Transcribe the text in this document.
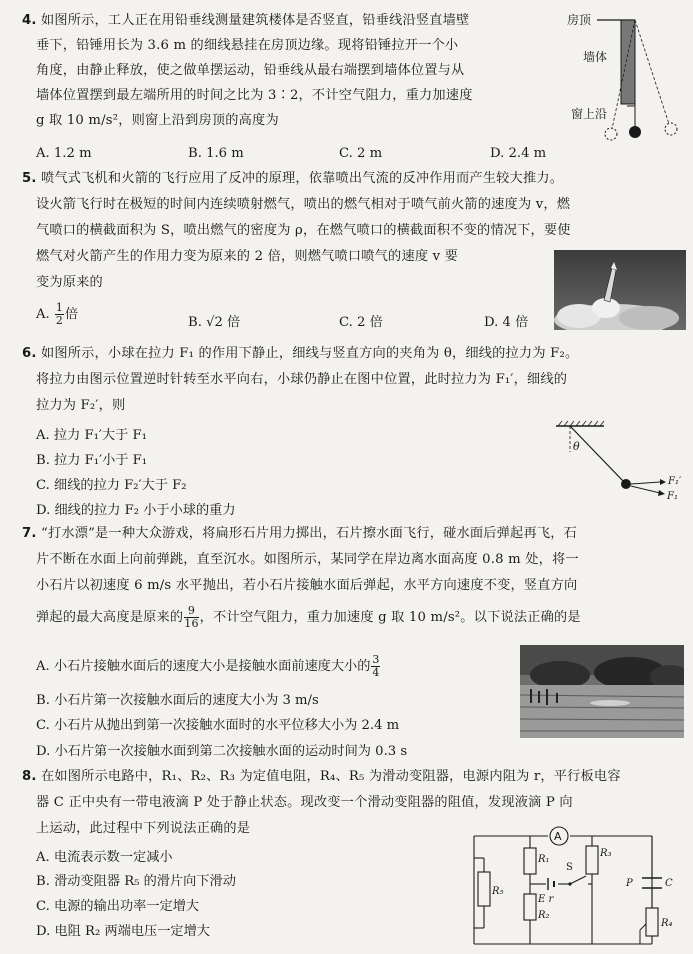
4. 如图所示，工人正在用铅垂线测量建筑楼体是否竖直，铅垂线沿竖直墙壁
垂下，铅锤用长为 3.6 m 的细线悬挂在房顶边缘。现将铅锤拉开一个小
角度，由静止释放，使之做单摆运动，铅垂线从最右端摆到墙体位置与从
墙体位置摆到最左端所用的时间之比为 3∶2，不计空气阻力，重力加速度
g 取 10 m/s²，则窗上沿到房顶的高度为
A. 1.2 m	B. 1.6 m	C. 2 m	D. 2.4 m
房顶
墙体
窗上沿
5. 喷气式飞机和火箭的飞行应用了反冲的原理，依靠喷出气流的反冲作用而产生较大推力。
设火箭飞行时在极短的时间内连续喷射燃气，喷出的燃气相对于喷气前火箭的速度为 v，燃
气喷口的横截面积为 S，喷出燃气的密度为 ρ，在燃气喷口的横截面积不变的情况下，要使
燃气对火箭产生的作用力变为原来的 2 倍，则燃气喷口喷气的速度 v 要
变为原来的
A. $\frac{1}{2}$ 倍
B. √2 倍	C. 2 倍	D. 4 倍
6. 如图所示，小球在拉力 F₁ 的作用下静止，细线与竖直方向的夹角为 θ，细线的拉力为 F₂。
将拉力由图示位置逆时针转至水平向右，小球仍静止在图中位置，此时拉力为 F₁′，细线的
拉力为 F₂′，则
A. 拉力 F₁′大于 F₁
B. 拉力 F₁′小于 F₁
C. 细线的拉力 F₂′大于 F₂
D. 细线的拉力 F₂ 小于小球的重力
θ
F₁′
F₁
7. “打水漂”是一种大众游戏，将扁形石片用力掷出，石片擦水面飞行，碰水面后弹起再飞，石
片不断在水面上向前弹跳，直至沉水。如图所示，某同学在岸边离水面高度 0.8 m 处，将一
小石片以初速度 6 m/s 水平抛出，若小石片接触水面后弹起，水平方向速度不变，竖直方向
弹起的最大高度是原来的 $\frac{9}{16}$ ，不计空气阻力，重力加速度 g 取 10 m/s²。以下说法正确的是
A. 小石片接触水面后的速度大小是接触水面前速度大小的 $\frac{3}{4}$
B. 小石片第一次接触水面后的速度大小为 3 m/s
C. 小石片从抛出到第一次接触水面时的水平位移大小为 2.4 m
D. 小石片第一次接触水面到第二次接触水面的运动时间为 0.3 s
8. 在如图所示电路中，R₁、R₂、R₃ 为定值电阻，R₄、R₅ 为滑动变阻器，电源内阻为 r，平行板电容
器 C 正中央有一带电液滴 P 处于静止状态。现改变一个滑动变阻器的阻值，发现液滴 P 向
上运动，此过程中下列说法正确的是
A. 电流表示数一定减小
B. 滑动变阻器 R₅ 的滑片向下滑动
C. 电源的输出功率一定增大
D. 电阻 R₂ 两端电压一定增大
A
R₁
S
R₃
P	C
R₅
E r
R₂
R₄
